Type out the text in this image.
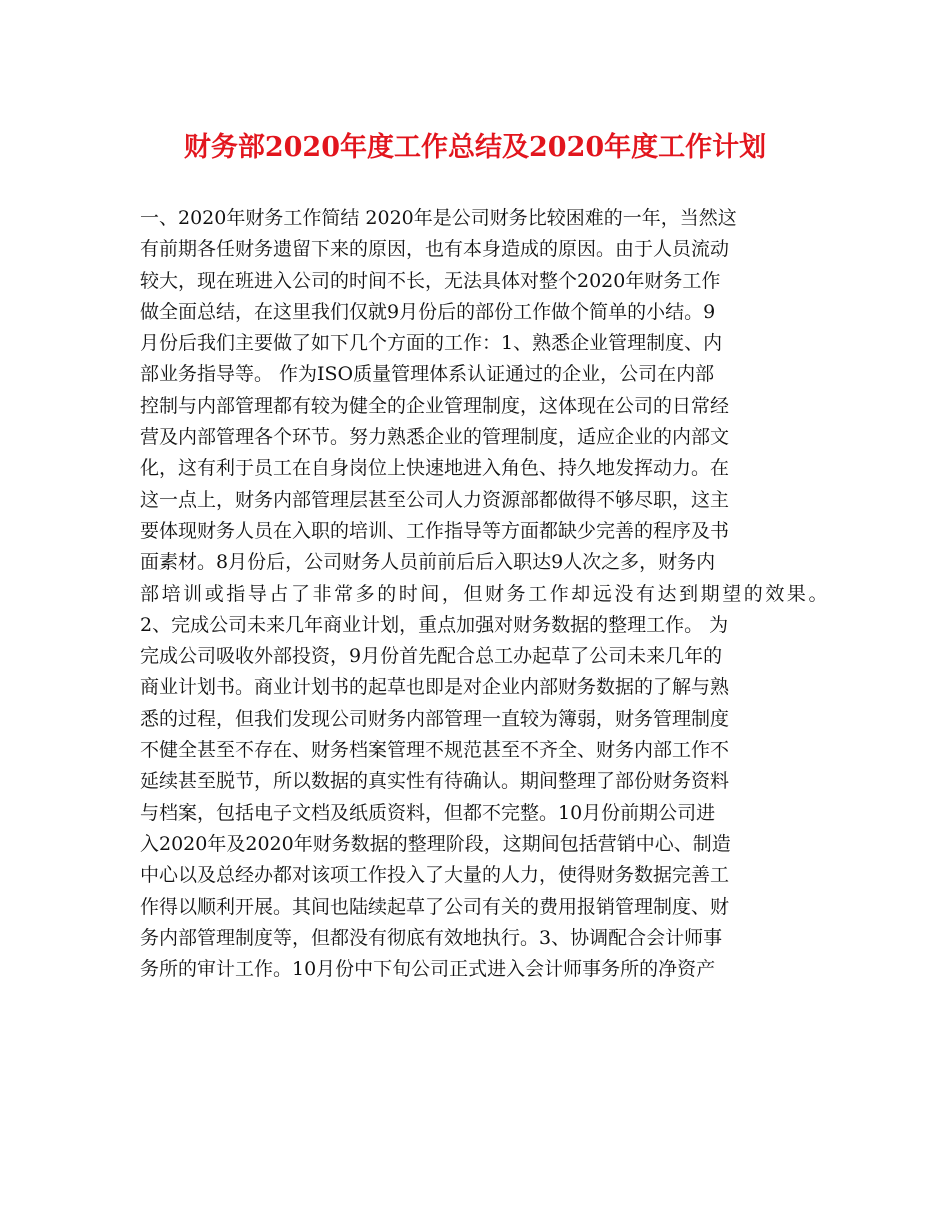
财务部2020年度工作总结及2020年度工作计划
一、2020年财务工作简结 2020年是公司财务比较困难的一年，当然这
有前期各任财务遗留下来的原因，也有本身造成的原因。由于人员流动
较大，现在班进入公司的时间不长，无法具体对整个2020年财务工作
做全面总结，在这里我们仅就9月份后的部份工作做个简单的小结。9
月份后我们主要做了如下几个方面的工作：1、熟悉企业管理制度、内
部业务指导等。 作为ISO质量管理体系认证通过的企业，公司在内部
控制与内部管理都有较为健全的企业管理制度，这体现在公司的日常经
营及内部管理各个环节。努力熟悉企业的管理制度，适应企业的内部文
化，这有利于员工在自身岗位上快速地进入角色、持久地发挥动力。在
这一点上，财务内部管理层甚至公司人力资源部都做得不够尽职，这主
要体现财务人员在入职的培训、工作指导等方面都缺少完善的程序及书
面素材。8月份后，公司财务人员前前后后入职达9人次之多，财务内
部培训或指导占了非常多的时间，但财务工作却远没有达到期望的效果。
2、完成公司未来几年商业计划，重点加强对财务数据的整理工作。 为
完成公司吸收外部投资，9月份首先配合总工办起草了公司未来几年的
商业计划书。商业计划书的起草也即是对企业内部财务数据的了解与熟
悉的过程，但我们发现公司财务内部管理一直较为簿弱，财务管理制度
不健全甚至不存在、财务档案管理不规范甚至不齐全、财务内部工作不
延续甚至脱节，所以数据的真实性有待确认。期间整理了部份财务资料
与档案，包括电子文档及纸质资料，但都不完整。10月份前期公司进
入2020年及2020年财务数据的整理阶段，这期间包括营销中心、制造
中心以及总经办都对该项工作投入了大量的人力，使得财务数据完善工
作得以顺利开展。其间也陆续起草了公司有关的费用报销管理制度、财
务内部管理制度等，但都没有彻底有效地执行。3、协调配合会计师事
务所的审计工作。10月份中下旬公司正式进入会计师事务所的净资产
